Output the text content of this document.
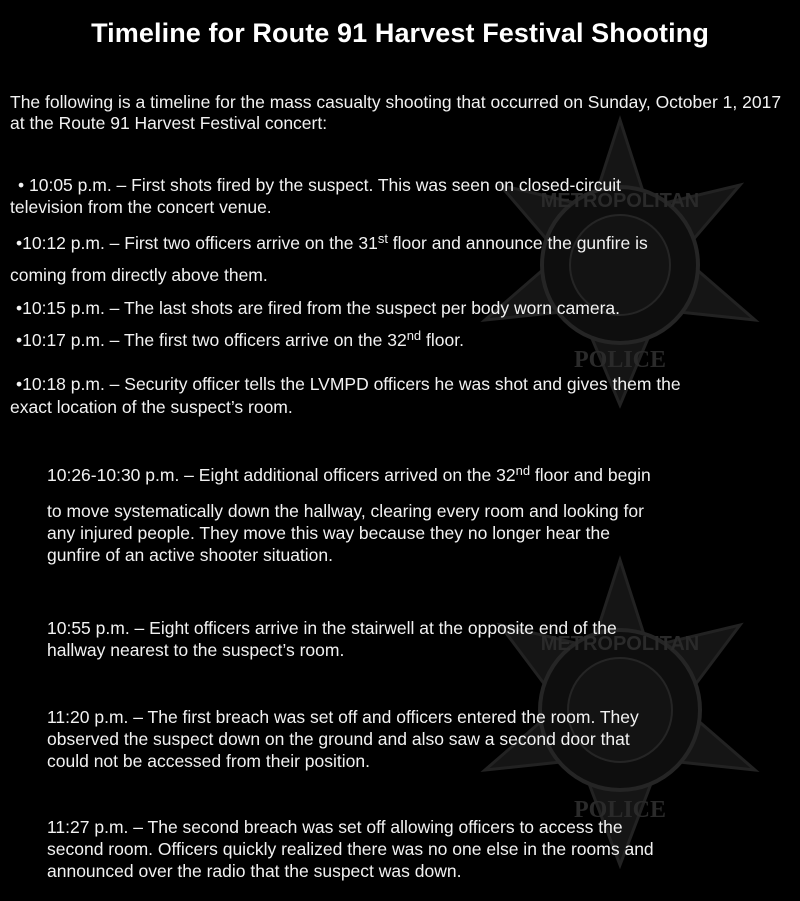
METROPOLITAN
POLICE
METROPOLITAN
POLICE
Timeline for Route 91 Harvest Festival Shooting
The following is a timeline for the mass casualty shooting that occurred on Sunday, October 1, 2017 at the Route 91 Harvest Festival concert:
• 10:05 p.m. – First shots fired by the suspect. This was seen on closed-circuit
television from the concert venue.
•10:12 p.m. – First two officers arrive on the 31st floor and announce the gunfire is
coming from directly above them.
•10:15 p.m. – The last shots are fired from the suspect per body worn camera.
•10:17 p.m. – The first two officers arrive on the 32nd floor.
•10:18 p.m. – Security officer tells the LVMPD officers he was shot and gives them the
exact location of the suspect’s room.
10:26-10:30 p.m. – Eight additional officers arrived on the 32nd floor and begin
to move systematically down the hallway, clearing every room and looking for
any injured people. They move this way because they no longer hear the
gunfire of an active shooter situation.
10:55 p.m. – Eight officers arrive in the stairwell at the opposite end of the
hallway nearest to the suspect’s room.
11:20 p.m. – The first breach was set off and officers entered the room. They
observed the suspect down on the ground and also saw a second door that
could not be accessed from their position.
11:27 p.m. – The second breach was set off allowing officers to access the
second room. Officers quickly realized there was no one else in the rooms and
announced over the radio that the suspect was down.
